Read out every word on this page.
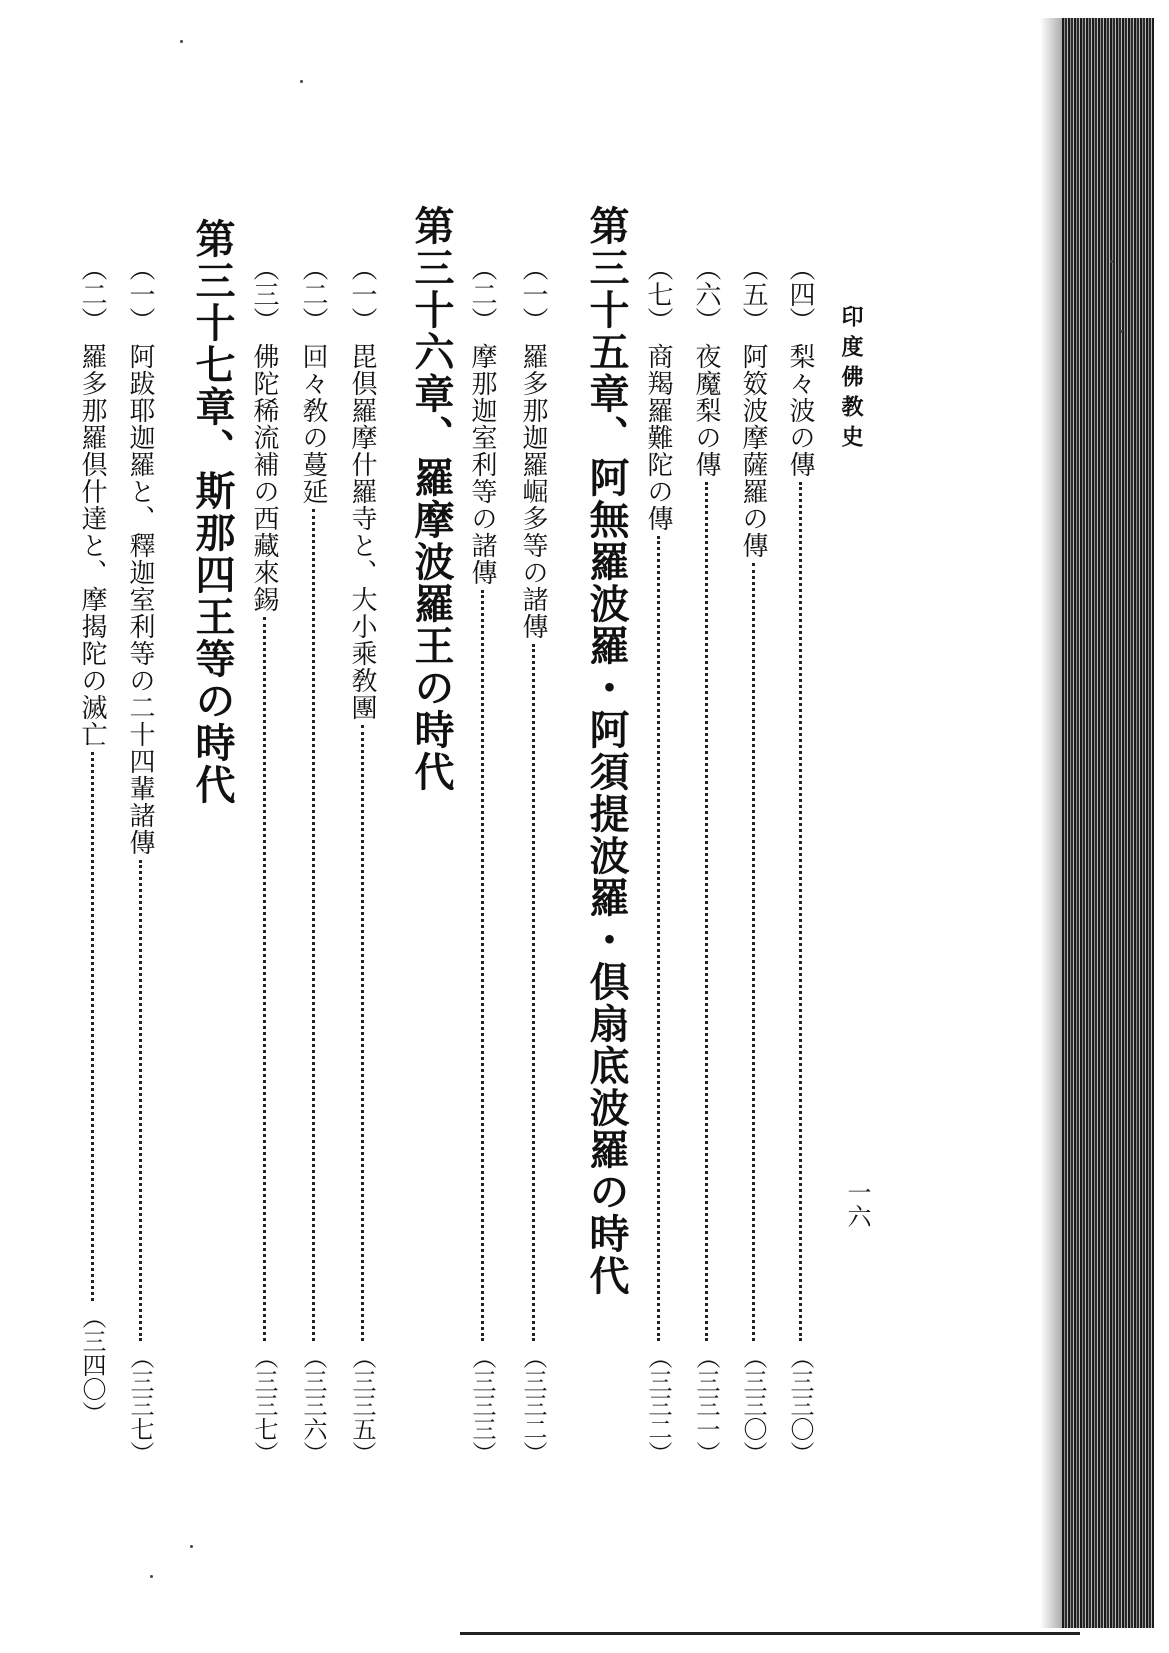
印度佛教史
一六
（四）
梨々波の傳
（三三〇）
（五）
阿笯波摩薩羅の傳
（三三〇）
（六）
夜魔梨の傳
（三三一）
（七）
商羯羅難陀の傳
（三三二）
第三十五章、阿無羅波羅・阿須提波羅・倶扇底波羅の時代
（一）
羅多那迦羅崛多等の諸傳
（三三二）
（二）
摩那迦室利等の諸傳
（三三三）
第三十六章、羅摩波羅王の時代
（一）
毘倶羅摩什羅寺と、大小乘敎團
（三三五）
（二）
回々敎の蔓延
（三三六）
（三）
佛陀稀流補の西藏來錫
（三三七）
第三十七章、斯那四王等の時代
（一）
阿跋耶迦羅と、釋迦室利等の二十四輩諸傳
（三三七）
（二）
羅多那羅倶什達と、摩揭陀の滅亡
（三四〇）
